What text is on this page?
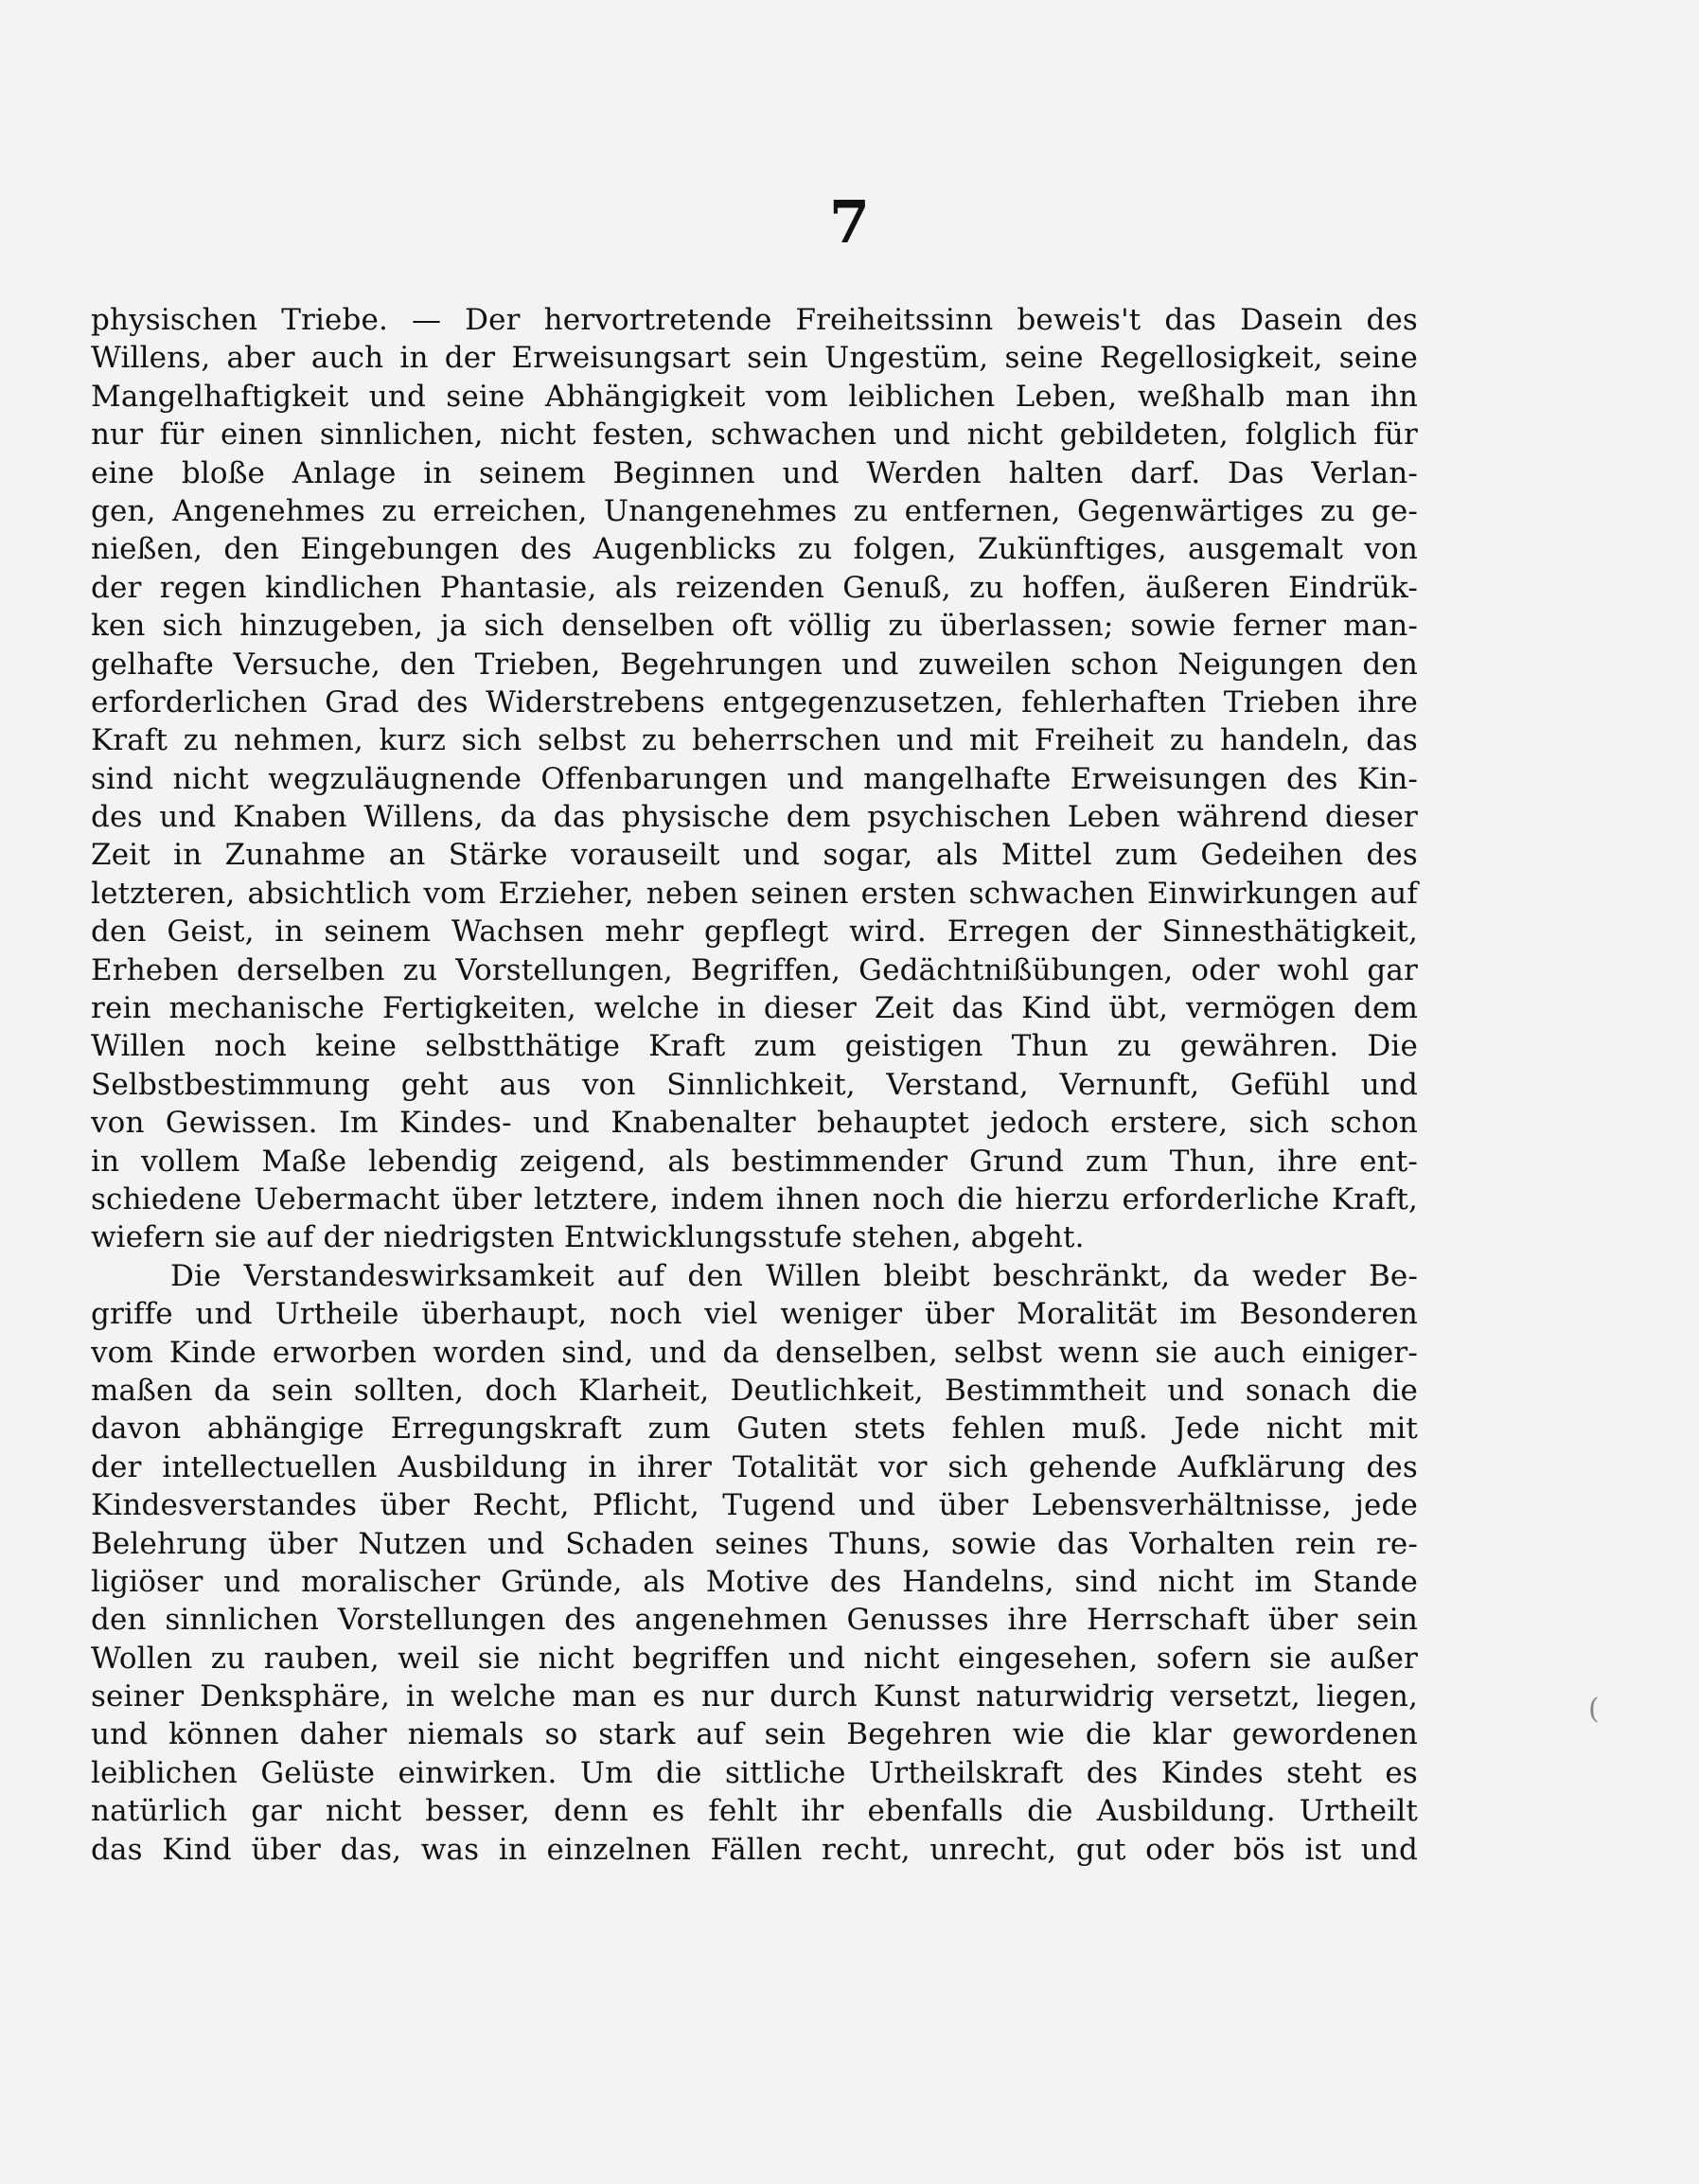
7
physischen Triebe. — Der hervortretende Freiheitssinn beweis't das Dasein des
Willens, aber auch in der Erweisungsart sein Ungestüm, seine Regellosigkeit, seine
Mangelhaftigkeit und seine Abhängigkeit vom leiblichen Leben, weßhalb man ihn
nur für einen sinnlichen, nicht festen, schwachen und nicht gebildeten, folglich für
eine bloße Anlage in seinem Beginnen und Werden halten darf. Das Verlan-
gen, Angenehmes zu erreichen, Unangenehmes zu entfernen, Gegenwärtiges zu ge-
nießen, den Eingebungen des Augenblicks zu folgen, Zukünftiges, ausgemalt von
der regen kindlichen Phantasie, als reizenden Genuß, zu hoffen, äußeren Eindrük-
ken sich hinzugeben, ja sich denselben oft völlig zu überlassen; sowie ferner man-
gelhafte Versuche, den Trieben, Begehrungen und zuweilen schon Neigungen den
erforderlichen Grad des Widerstrebens entgegenzusetzen, fehlerhaften Trieben ihre
Kraft zu nehmen, kurz sich selbst zu beherrschen und mit Freiheit zu handeln, das
sind nicht wegzuläugnende Offenbarungen und mangelhafte Erweisungen des Kin-
des und Knaben Willens, da das physische dem psychischen Leben während dieser
Zeit in Zunahme an Stärke vorauseilt und sogar, als Mittel zum Gedeihen des
letzteren, absichtlich vom Erzieher, neben seinen ersten schwachen Einwirkungen auf
den Geist, in seinem Wachsen mehr gepflegt wird. Erregen der Sinnesthätigkeit,
Erheben derselben zu Vorstellungen, Begriffen, Gedächtnißübungen, oder wohl gar
rein mechanische Fertigkeiten, welche in dieser Zeit das Kind übt, vermögen dem
Willen noch keine selbstthätige Kraft zum geistigen Thun zu gewähren. Die
Selbstbestimmung geht aus von Sinnlichkeit, Verstand, Vernunft, Gefühl und
von Gewissen. Im Kindes- und Knabenalter behauptet jedoch erstere, sich schon
in vollem Maße lebendig zeigend, als bestimmender Grund zum Thun, ihre ent-
schiedene Uebermacht über letztere, indem ihnen noch die hierzu erforderliche Kraft,
wiefern sie auf der niedrigsten Entwicklungsstufe stehen, abgeht.
Die Verstandeswirksamkeit auf den Willen bleibt beschränkt, da weder Be-
griffe und Urtheile überhaupt, noch viel weniger über Moralität im Besonderen
vom Kinde erworben worden sind, und da denselben, selbst wenn sie auch einiger-
maßen da sein sollten, doch Klarheit, Deutlichkeit, Bestimmtheit und sonach die
davon abhängige Erregungskraft zum Guten stets fehlen muß. Jede nicht mit
der intellectuellen Ausbildung in ihrer Totalität vor sich gehende Aufklärung des
Kindesverstandes über Recht, Pflicht, Tugend und über Lebensverhältnisse, jede
Belehrung über Nutzen und Schaden seines Thuns, sowie das Vorhalten rein re-
ligiöser und moralischer Gründe, als Motive des Handelns, sind nicht im Stande
den sinnlichen Vorstellungen des angenehmen Genusses ihre Herrschaft über sein
Wollen zu rauben, weil sie nicht begriffen und nicht eingesehen, sofern sie außer
seiner Denksphäre, in welche man es nur durch Kunst naturwidrig versetzt, liegen,
und können daher niemals so stark auf sein Begehren wie die klar gewordenen
leiblichen Gelüste einwirken. Um die sittliche Urtheilskraft des Kindes steht es
natürlich gar nicht besser, denn es fehlt ihr ebenfalls die Ausbildung. Urtheilt
das Kind über das, was in einzelnen Fällen recht, unrecht, gut oder bös ist und
(
